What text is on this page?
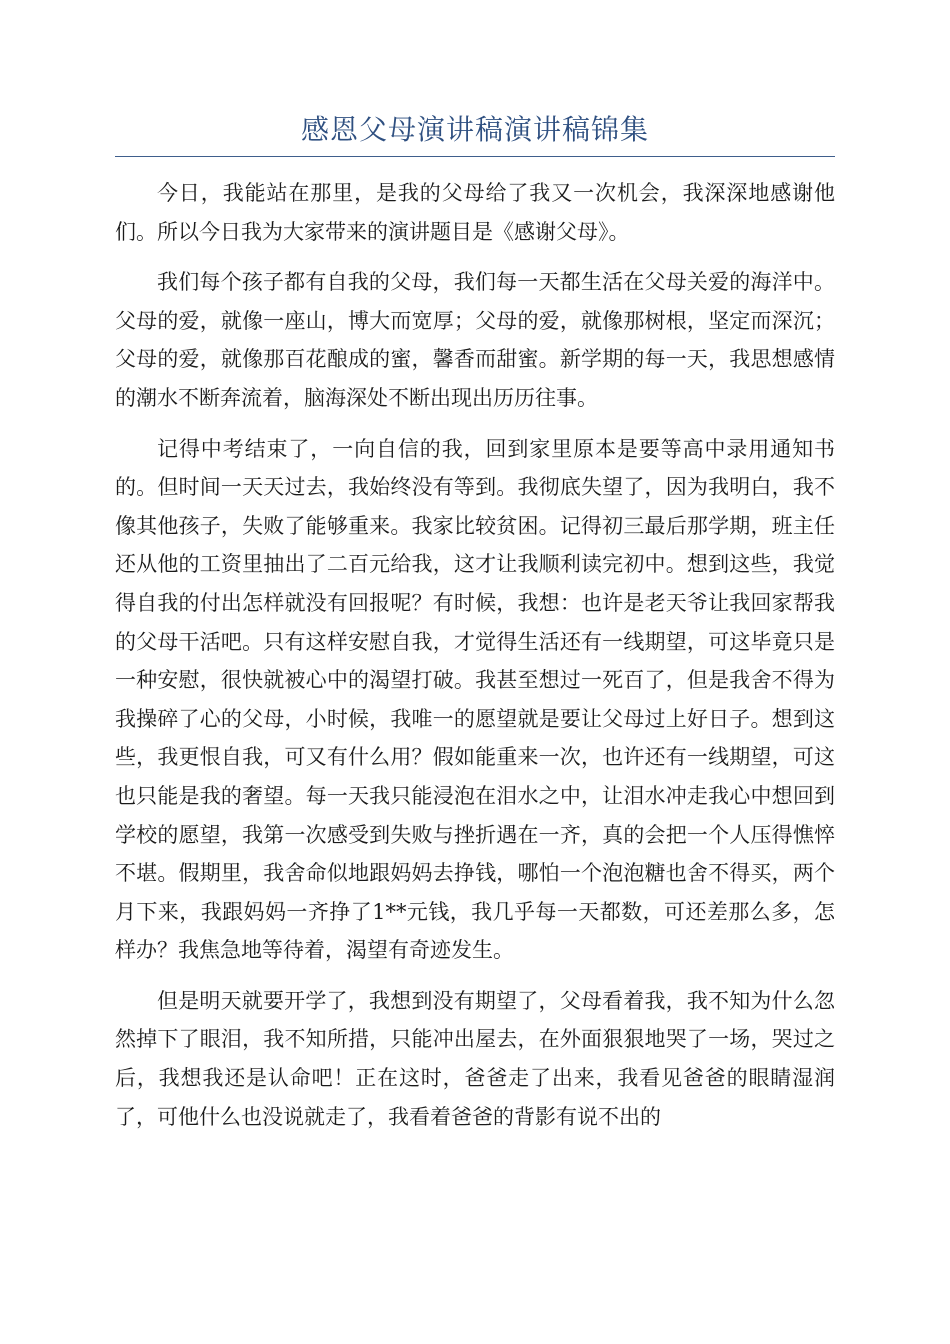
感恩父母演讲稿演讲稿锦集

今日，我能站在那里，是我的父母给了我又一次机会，我深深地感谢他们。所以今日我为大家带来的演讲题目是《感谢父母》。

我们每个孩子都有自我的父母，我们每一天都生活在父母关爱的海洋中。父母的爱，就像一座山，博大而宽厚；父母的爱，就像那树根，坚定而深沉；父母的爱，就像那百花酿成的蜜，馨香而甜蜜。新学期的每一天，我思想感情的潮水不断奔流着，脑海深处不断出现出历历往事。

记得中考结束了，一向自信的我，回到家里原本是要等高中录用通知书的。但时间一天天过去，我始终没有等到。我彻底失望了，因为我明白，我不像其他孩子，失败了能够重来。我家比较贫困。记得初三最后那学期，班主任还从他的工资里抽出了二百元给我，这才让我顺利读完初中。想到这些，我觉得自我的付出怎样就没有回报呢？有时候，我想：也许是老天爷让我回家帮我的父母干活吧。只有这样安慰自我，才觉得生活还有一线期望，可这毕竟只是一种安慰，很快就被心中的渴望打破。我甚至想过一死百了，但是我舍不得为我操碎了心的父母，小时候，我唯一的愿望就是要让父母过上好日子。想到这些，我更恨自我，可又有什么用？假如能重来一次，也许还有一线期望，可这也只能是我的奢望。每一天我只能浸泡在泪水之中，让泪水冲走我心中想回到学校的愿望，我第一次感受到失败与挫折遇在一齐，真的会把一个人压得憔悴不堪。假期里，我舍命似地跟妈妈去挣钱，哪怕一个泡泡糖也舍不得买，两个月下来，我跟妈妈一齐挣了1**元钱，我几乎每一天都数，可还差那么多，怎样办？我焦急地等待着，渴望有奇迹发生。

但是明天就要开学了，我想到没有期望了，父母看着我，我不知为什么忽然掉下了眼泪，我不知所措，只能冲出屋去，在外面狠狠地哭了一场，哭过之后，我想我还是认命吧！正在这时，爸爸走了出来，我看见爸爸的眼睛湿润了，可他什么也没说就走了，我看着爸爸的背影有说不出的
